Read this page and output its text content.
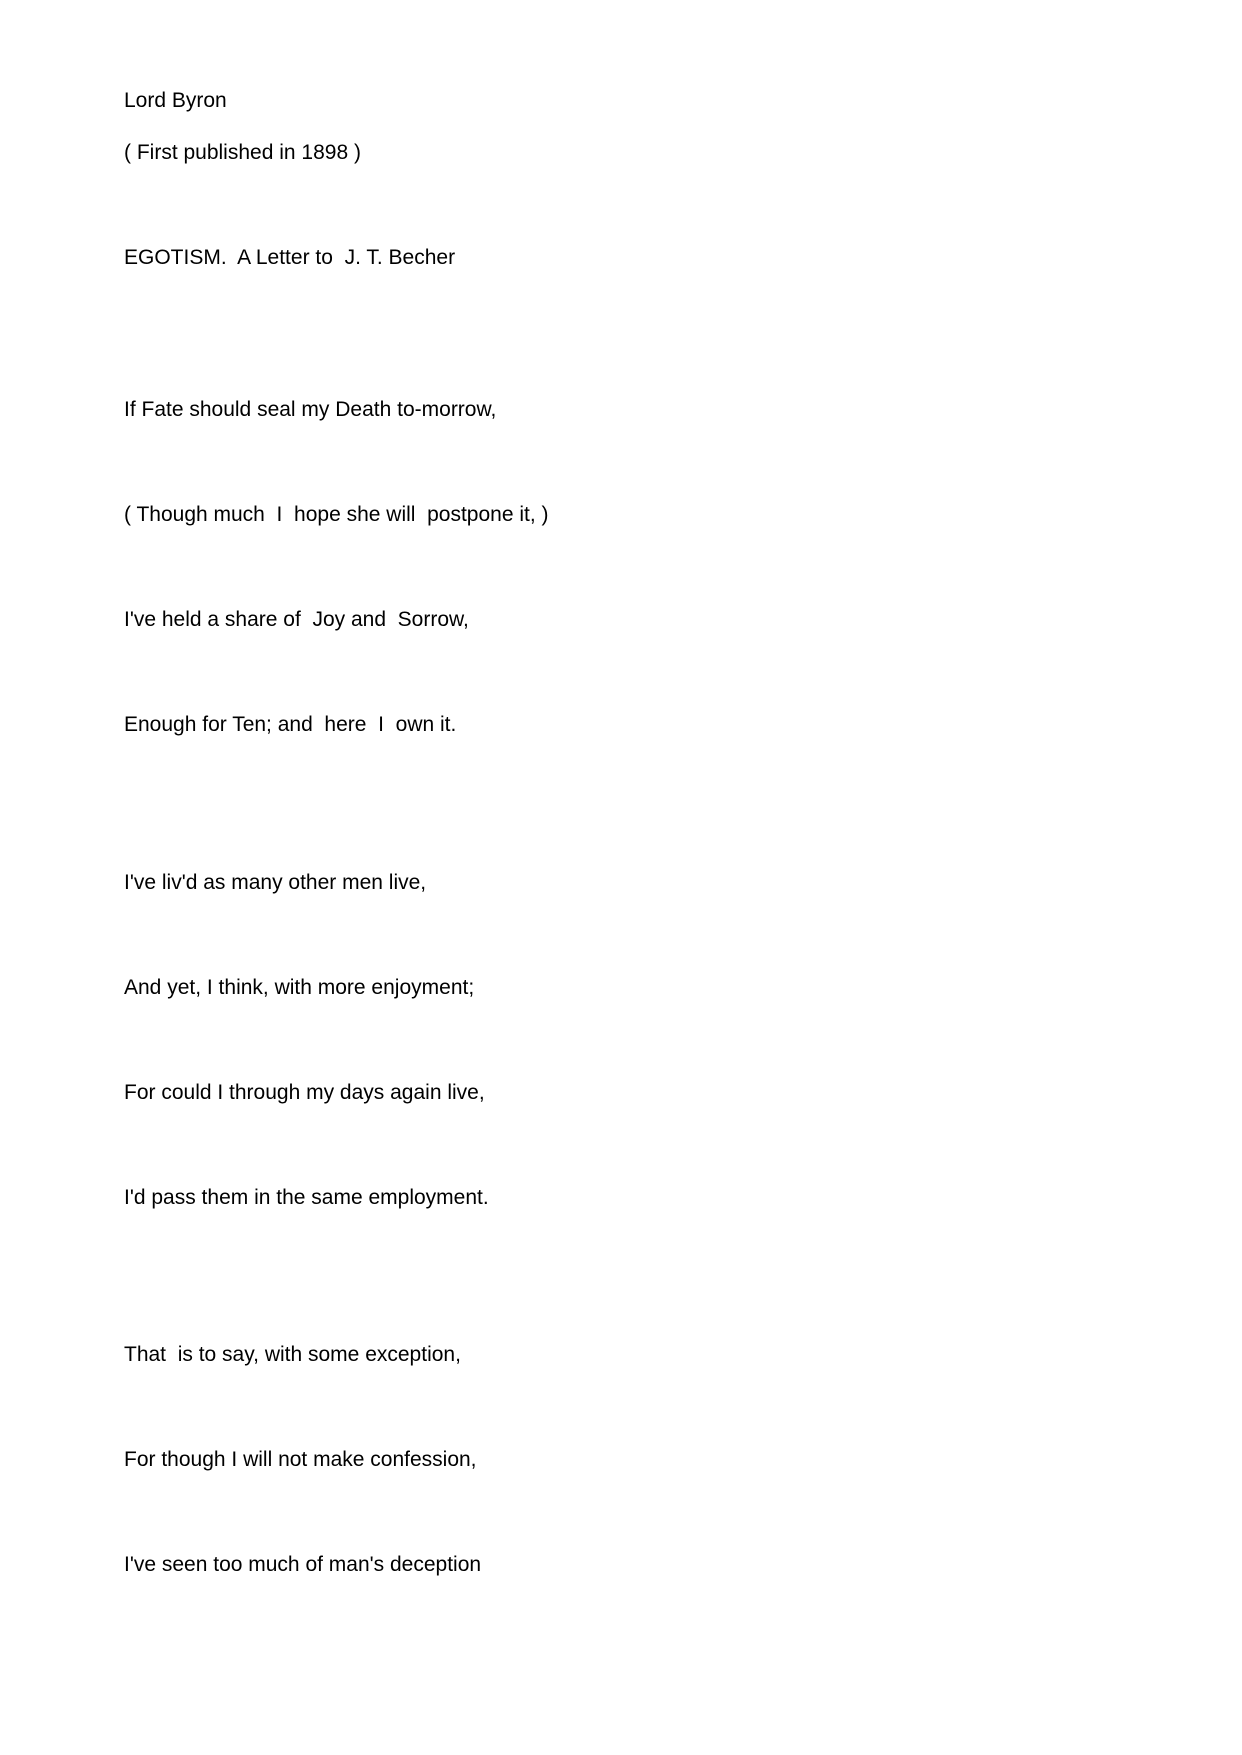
Lord Byron

( First published in 1898 )

EGOTISM.  A Letter to  J. T. Becher

If Fate should seal my Death to-morrow,

( Though much  I  hope she will  postpone it, )

I've held a share of  Joy and  Sorrow,

Enough for Ten; and  here  I  own it.

I've liv'd as many other men live,

And yet, I think, with more enjoyment;

For could I through my days again live,

I'd pass them in the same employment.

That  is to say, with some exception,

For though I will not make confession,

I've seen too much of man's deception
